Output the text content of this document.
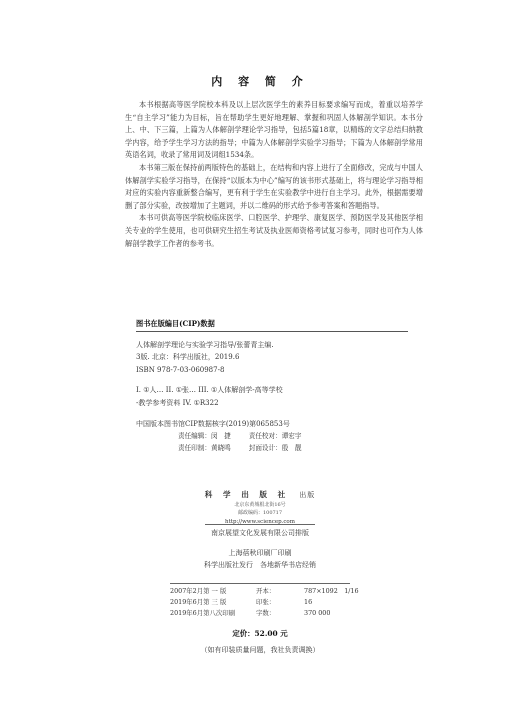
内 容 简 介

本书根据高等医学院校本科及以上层次医学生的素养目标要求编写而成，着重以培养学生“自主学习”能力为目标，旨在帮助学生更好地理解、掌握和巩固人体解剖学知识。本书分上、中、下三篇，上篇为人体解剖学理论学习指导，包括5篇18章，以精练的文字总结归纳教学内容，给予学生学习方法的指导；中篇为人体解剖学实验学习指导；下篇为人体解剖学常用英语名词，收录了常用词及词组1534条。

本书第三版在保持前两版特色的基础上，在结构和内容上进行了全面修改，完成与中国人体解剖学实验学习指导，在保持“以版本为中心”编写的该书形式基础上，将与理论学习指导相对应的实验内容重新整合编写，更有利于学生在实验教学中进行自主学习。此外，根据需要增删了部分实验，改按增加了主题词，并以二维码的形式给予参考答案和答题指导。

本书可供高等医学院校临床医学、口腔医学、护理学、康复医学、预防医学及其他医学相关专业的学生使用，也可供研究生招生考试及执业医师资格考试复习参考，同时也可作为人体解剖学教学工作者的参考书。

图书在版编目(CIP)数据
人体解剖学理论与实验学习指导/张蕾青主编.
3版. 北京：科学出版社，2019.6
ISBN 978-7-03-060987-8
I. ①人… II. ①张… III. ①人体解剖学-高等学校
-教学参考资料 IV. ①R322
中国版本图书馆CIP数据核字(2019)第065853号
责任编辑：闵　捷	责任校对：谭宏宇
责任印制：黄晓鸣	封面设计：殷　靓
科 学 出 版 社 出版
北京东黄城根北街16号
邮政编码：100717
http://www.sciencep.com
南京展望文化发展有限公司排版
上海蓓秋印刷厂印刷
科学出版社发行　各地新华书店经销
2007年2月第 一 版	开本：	787×1092　1/16
2019年6月第 三 版	印张：	16
2019年6月第八次印刷	字数：	370 000
定价：52.00 元
（如有印装质量问题，我社负责调换）
